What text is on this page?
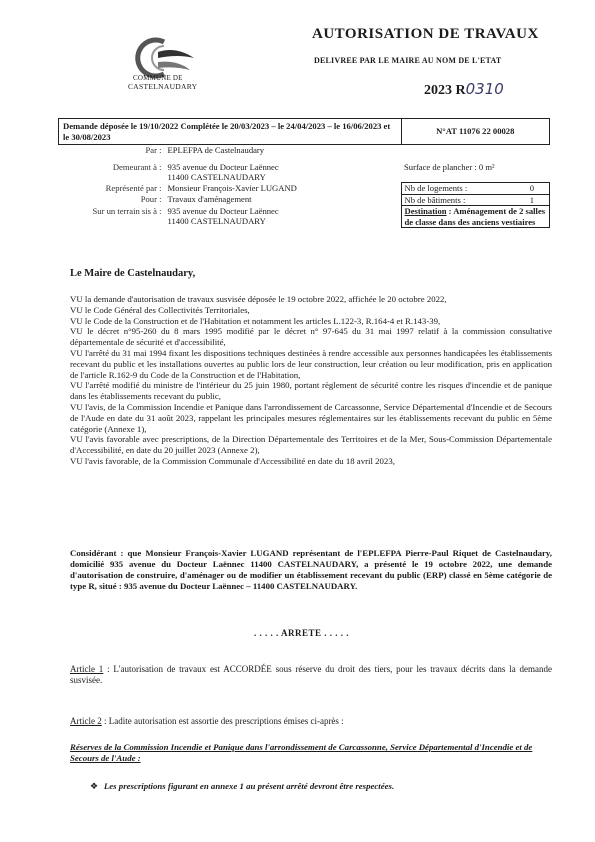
COMMUNE DE
CASTELNAUDARY
AUTORISATION DE TRAVAUX
DELIVREE PAR LE MAIRE AU NOM DE L'ETAT
2023 R0310
Demande déposée le 19/10/2022 Complétée le 20/03/2023 – le 24/04/2023 – le 16/06/2023 et le 30/08/2023		N°AT 11076 22 00028
Par :	EPLEFPA de Castelnaudary	
Demeurant à :	935 avenue du Docteur Laënnec
11400 CASTELNAUDARY	Surface de plancher : 0 m²
Représenté par :	Monsieur François-Xavier LUGAND	Nb de logements : 0

Pour :	Travaux d'aménagement	Nb de bâtiments : 1

Sur un terrain sis à :	935 avenue du Docteur Laënnec
11400 CASTELNAUDARY	Destination : Aménagement de 2 salles de classe dans des anciens vestiaires
Le Maire de Castelnaudary,

VU la demande d'autorisation de travaux susvisée déposée le 19 octobre 2022, affichée le 20 octobre 2022,

VU le Code Général des Collectivités Territoriales,

VU le Code de la Construction et de l'Habitation et notamment les articles L.122-3, R.164-4 et R.143-39,

VU le décret n°95-260 du 8 mars 1995 modifié par le décret n° 97-645 du 31 mai 1997 relatif à la commission consultative départementale de sécurité et d'accessibilité,

VU l'arrêté du 31 mai 1994 fixant les dispositions techniques destinées à rendre accessible aux personnes handicapées les établissements recevant du public et les installations ouvertes au public lors de leur construction, leur création ou leur modification, pris en application de l'article R.162-9 du Code de la Construction et de l'Habitation,

VU l'arrêté modifié du ministre de l'intérieur du 25 juin 1980, portant règlement de sécurité contre les risques d'incendie et de panique dans les établissements recevant du public,

VU l'avis, de la Commission Incendie et Panique dans l'arrondissement de Carcassonne, Service Départemental d'Incendie et de Secours de l'Aude en date du 31 août 2023, rappelant les principales mesures réglementaires sur les établissements recevant du public en 5ème catégorie (Annexe 1),

VU l'avis favorable avec prescriptions, de la Direction Départementale des Territoires et de la Mer, Sous-Commission Départementale d'Accessibilité, en date du 20 juillet 2023 (Annexe 2),

VU l'avis favorable, de la Commission Communale d'Accessibilité en date du 18 avril 2023,

Considérant : que Monsieur François-Xavier LUGAND représentant de l'EPLEFPA Pierre-Paul Riquet de Castelnaudary, domicilié 935 avenue du Docteur Laënnec 11400 CASTELNAUDARY, a présenté le 19 octobre 2022, une demande d'autorisation de construire, d'aménager ou de modifier un établissement recevant du public (ERP) classé en 5ème catégorie de type R, situé : 935 avenue du Docteur Laënnec – 11400 CASTELNAUDARY.
. . . . . ARRETE . . . . .
Article 1 : L'autorisation de travaux est ACCORDÉE sous réserve du droit des tiers, pour les travaux décrits dans la demande susvisée.
Article 2 : Ladite autorisation est assortie des prescriptions émises ci-après :
Réserves de la Commission Incendie et Panique dans l'arrondissement de Carcassonne, Service Départemental d'Incendie et de Secours de l'Aude :
❖ Les prescriptions figurant en annexe 1 au présent arrêté devront être respectées.
